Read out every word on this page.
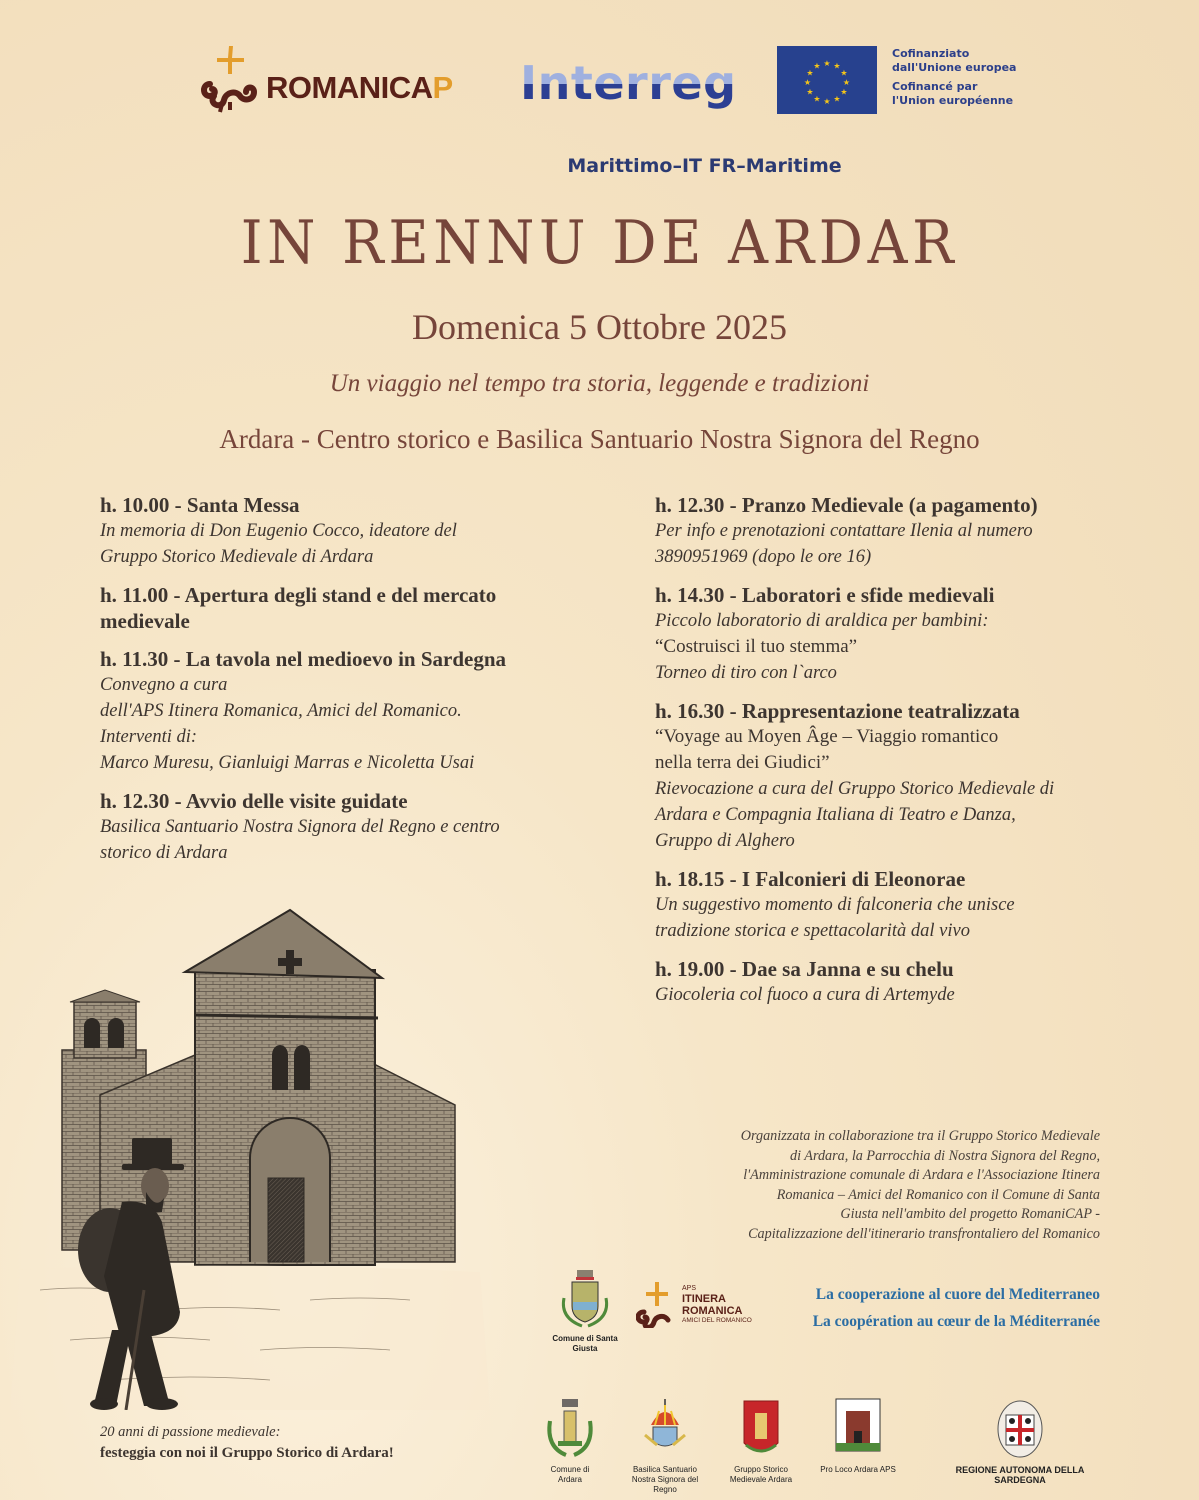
ROMANICAP Interreg	★ ★
★
★
★
★
★
★
★
★
★
★
Cofinanziato
dall'Unione europea
Cofinancé par
l'Union européenne
Marittimo–IT FR–Maritime
IN RENNU DE ARDAR
Domenica 5 Ottobre 2025
Un viaggio nel tempo tra storia, leggende e tradizioni
Ardara - Centro storico e Basilica Santuario Nostra Signora del Regno
h. 10.00 - Santa Messa
In memoria di Don Eugenio Cocco, ideatore del
Gruppo Storico Medievale di Ardara
h. 11.00 - Apertura degli stand e del mercato medievale
h. 11.30 - La tavola nel medioevo in Sardegna
Convegno a cura
dell'APS Itinera Romanica, Amici del Romanico.
Interventi di:
Marco Muresu, Gianluigi Marras e Nicoletta Usai
h. 12.30 - Avvio delle visite guidate
Basilica Santuario Nostra Signora del Regno e centro
storico di Ardara
h. 12.30 - Pranzo Medievale (a pagamento)
Per info e prenotazioni contattare Ilenia al numero
3890951969 (dopo le ore 16)
h. 14.30 - Laboratori e sfide medievali
Piccolo laboratorio di araldica per bambini:
“Costruisci il tuo stemma”
Torneo di tiro con l`arco
h. 16.30 - Rappresentazione teatralizzata
“Voyage au Moyen Âge – Viaggio romantico
nella terra dei Giudici”
Rievocazione a cura del Gruppo Storico Medievale di
Ardara e Compagnia Italiana di Teatro e Danza,
Gruppo di Alghero
h. 18.15 - I Falconieri di Eleonorae
Un suggestivo momento di falconeria che unisce
tradizione storica e spettacolarità dal vivo
h. 19.00 - Dae sa Janna e su chelu
Giocoleria col fuoco a cura di Artemyde
Organizzata in collaborazione tra il Gruppo Storico Medievale
di Ardara, la Parrocchia di Nostra Signora del Regno,
l'Amministrazione comunale di Ardara e l'Associazione Itinera
Romanica – Amici del Romanico con il Comune di Santa
Giusta nell'ambito del progetto RomaniCAP -
Capitalizzazione dell'itinerario transfrontaliero del Romanico
Comune di Santa Giusta
APS
ITINERA
ROMANICA
AMICI DEL ROMANICO
La cooperazione al cuore del Mediterraneo
La coopération au cœur de la Méditerranée
Comune di Ardara
Basilica Santuario Nostra Signora del Regno
Gruppo Storico Medievale Ardara
Pro Loco Ardara APS	REGIONE AUTONOMA DELLA SARDEGNA
20 anni di passione medievale:
festeggia con noi il Gruppo Storico di Ardara!
